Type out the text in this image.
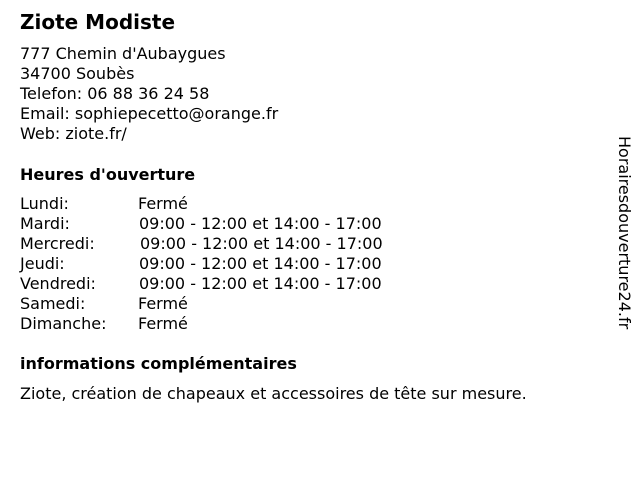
Ziote Modiste
777 Chemin d'Aubaygues
34700 Soubès
Telefon: 06 88 36 24 58
Email: sophiepecetto@orange.fr
Web: ziote.fr/
Heures d'ouverture
Lundi:	Fermé
Mardi:	09:00 - 12:00 et 14:00 - 17:00
Mercredi:	09:00 - 12:00 et 14:00 - 17:00
Jeudi:	09:00 - 12:00 et 14:00 - 17:00
Vendredi:	09:00 - 12:00 et 14:00 - 17:00
Samedi:	Fermé
Dimanche: Fermé
informations complémentaires
Ziote, création de chapeaux et accessoires de tête sur mesure.
Horairesdouverture24.fr
